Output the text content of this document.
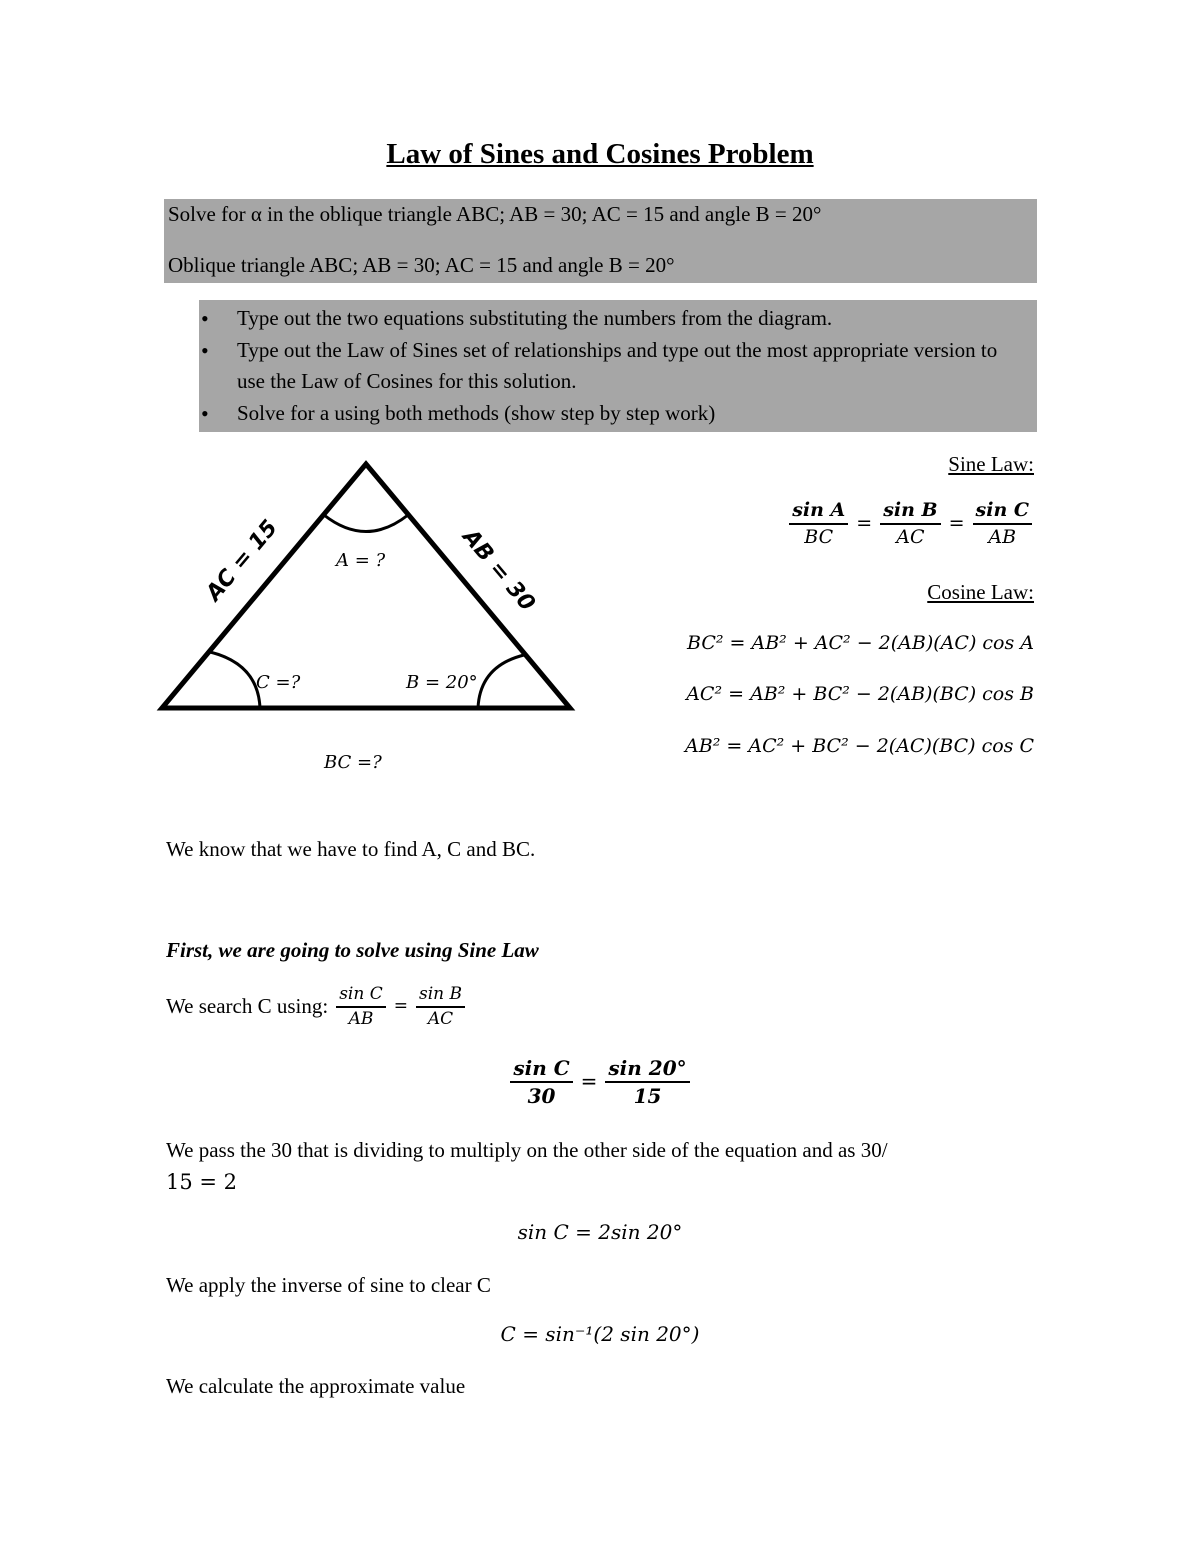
Law of Sines and Cosines Problem

Solve for α in the oblique triangle ABC; AB = 30; AC = 15 and angle B = 20°

Oblique triangle ABC; AB = 30; AC = 15 and angle B = 20°

• Type out the two equations substituting the numbers from the diagram.
• Type out the Law of Sines set of relationships and type out the most appropriate version to use the Law of Cosines for this solution.
• Solve for a using both methods (show step by step work)
AC = 15	AB = 30
A = ?
C =?	B = 20°
BC =?
Sine Law:
$\frac{\text{sin A}}{BC} = \frac{\text{sin B}}{AC} = \frac{\text{sin C}}{AB}$
Cosine Law:
BC² = AB² + AC² − 2(AB)(AC) cos A
AC² = AB² + BC² − 2(AB)(BC) cos B
AB² = AC² + BC² − 2(AC)(BC) cos C
We know that we have to find A, C and BC.
First, we are going to solve using Sine Law
We search C using: $\frac{\text{sin C}}{AB} = \frac{\text{sin B}}{AC}$
$\frac{\text{sin C}}{30} = \frac{\sin 20^\circ}{15}$
We pass the 30 that is dividing to multiply on the other side of the equation and as 30/
15 = 2
sin C = 2sin 20°
We apply the inverse of sine to clear C
C = sin⁻¹(2 sin 20°)
We calculate the approximate value
